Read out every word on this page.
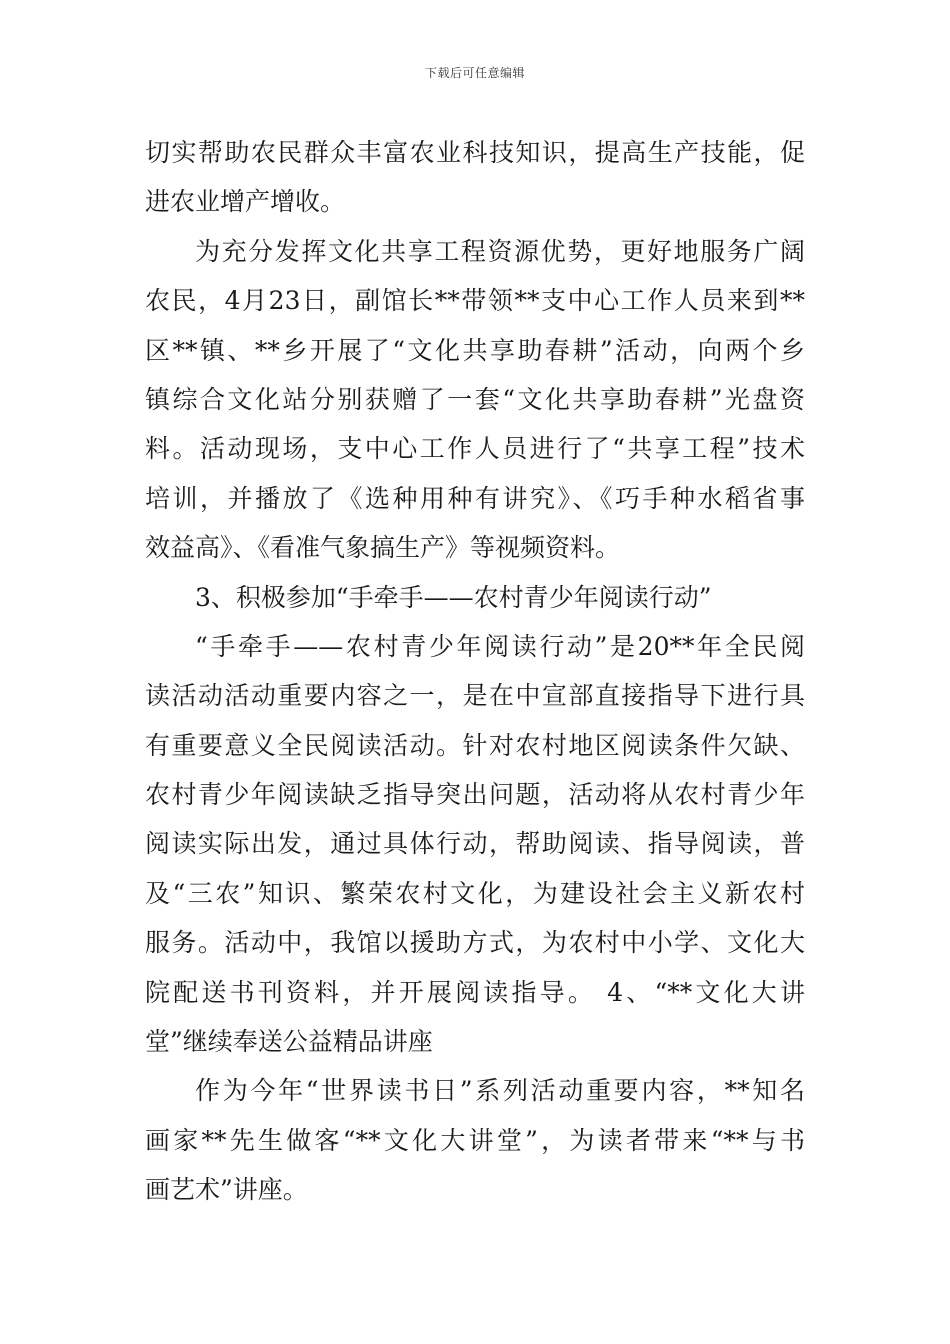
下载后可任意编辑
切实帮助农民群众丰富农业科技知识，提高生产技能，促
进农业增产增收。
为充分发挥文化共享工程资源优势，更好地服务广阔
农民，4月23日，副馆长**带领**支中心工作人员来到**
区**镇、**乡开展了“文化共享助春耕”活动，向两个乡
镇综合文化站分别获赠了一套“文化共享助春耕”光盘资
料。活动现场，支中心工作人员进行了“共享工程”技术
培训，并播放了《选种用种有讲究》、《巧手种水稻省事
效益高》、《看准气象搞生产》等视频资料。
3、积极参加“手牵手——农村青少年阅读行动”
“手牵手——农村青少年阅读行动”是20**年全民阅
读活动活动重要内容之一，是在中宣部直接指导下进行具
有重要意义全民阅读活动。针对农村地区阅读条件欠缺、
农村青少年阅读缺乏指导突出问题，活动将从农村青少年
阅读实际出发，通过具体行动，帮助阅读、指导阅读，普
及“三农”知识、繁荣农村文化，为建设社会主义新农村
服务。活动中，我馆以援助方式，为农村中小学、文化大
院配送书刊资料，并开展阅读指导。 4、“**文化大讲
堂”继续奉送公益精品讲座
作为今年“世界读书日”系列活动重要内容，**知名
画家**先生做客“**文化大讲堂”，为读者带来“**与书
画艺术”讲座。
